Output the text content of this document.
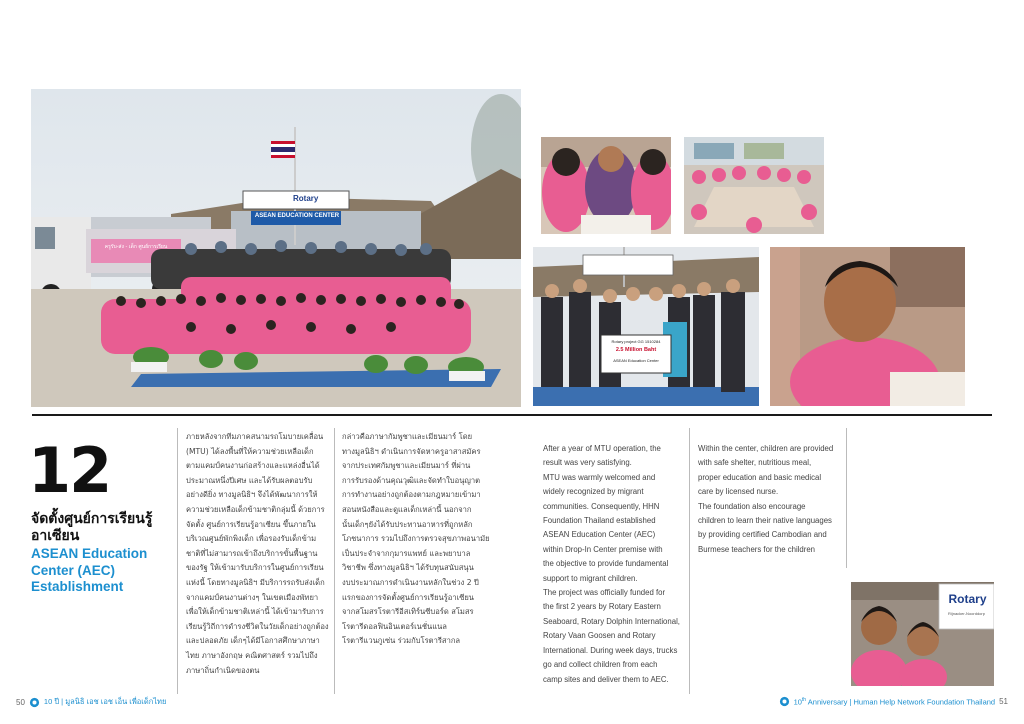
ASEAN EDUCATION CENTER
Rotary
ครูรับ-ส่ง - เด็ก ศูนย์การเรียน
Rotary project GG 1510284
2.5 Million Baht
ASEAN Education Center
Rotary
Rijnacker-Noorddorp
12
จัดตั้งศูนย์การเรียนรู้
อาเซียน
ASEAN Education
Center (AEC)
Establishment

ภายหลังจากทีมภาคสนามรถโมบายเคลื่อน
(MTU) ได้ลงพื้นที่ให้ความช่วยเหลือเด็ก
ตามแคมป์คนงานก่อสร้างและแหล่งอื่นได้
ประมาณหนึ่งปีเศษ และได้รับผลตอบรับ
อย่างดียิ่ง ทางมูลนิธิฯ จึงได้พัฒนาการให้
ความช่วยเหลือเด็กข้ามชาติกลุ่มนี้ ด้วยการ
จัดตั้ง ศูนย์การเรียนรู้อาเซียน ขึ้นภายใน
บริเวณศูนย์พักพิงเด็ก เพื่อรองรับเด็กข้าม
ชาติที่ไม่สามารถเข้าถึงบริการขั้นพื้นฐาน
ของรัฐ ให้เข้ามารับบริการในศูนย์การเรียน
แห่งนี้ โดยทางมูลนิธิฯ มีบริการรถรับส่งเด็ก
จากแคมป์คนงานต่างๆ ในเขตเมืองพัทยา
เพื่อให้เด็กข้ามชาติเหล่านี้ ได้เข้ามารับการ
เรียนรู้วิถีการดำรงชีวิตในวัยเด็กอย่างถูกต้อง
และปลอดภัย เด็กๆได้มีโอกาสศึกษาภาษา
ไทย ภาษาอังกฤษ คณิตศาสตร์ รวมไปถึง
ภาษาถิ่นกำเนิดของตน

กล่าวคือภาษากัมพูชาและเมียนมาร์ โดย
ทางมูลนิธิฯ ดำเนินการจัดหาครูอาสาสมัคร
จากประเทศกัมพูชาและเมียนมาร์ ที่ผ่าน
การรับรองด้านคุณวุฒิและจัดทำใบอนุญาต
การทำงานอย่างถูกต้องตามกฎหมายเข้ามา
สอนหนังสือและดูแลเด็กเหล่านี้ นอกจาก
นั้นเด็กๆยังได้รับประทานอาหารที่ถูกหลัก
โภชนาการ รวมไปถึงการตรวจสุขภาพอนามัย
เป็นประจำจากกุมารแพทย์ และพยาบาล
วิชาชีพ ซึ่งทางมูลนิธิฯ ได้รับทุนสนับสนุน
งบประมาณการดำเนินงานหลักในช่วง 2 ปี
แรกของการจัดตั้งศูนย์การเรียนรู้อาเซียน
จากสโมสรโรตารีอีสเทิร์นซีบอร์ด สโมสร
โรตารีดอลฟินอินเตอร์เนชั่นแนล
โรตารีแวนกูเซ่น ร่วมกับโรตารีสากล

After a year of MTU operation, the
result was very satisfying.
MTU was warmly welcomed and
widely recognized by migrant
communities. Consequently, HHN
Foundation Thailand established
ASEAN Education Center (AEC)
within Drop-In Center premise with
the objective to provide fundamental
support to migrant children.
The project was officially funded for
the first 2 years by Rotary Eastern
Seaboard, Rotary Dolphin International,
Rotary Vaan Goosen and Rotary
International. During week days, trucks
go and collect children from each
camp sites and deliver them to AEC.

Within the center, children are provided
with safe shelter, nutritious meal,
proper education and basic medical
care by licensed nurse.

The foundation also encourage
children to learn their native languages
by providing certified Cambodian and
Burmese teachers for the children

50	10 ปี | มูลนิธิ เอช เอช เอ็น เพื่อเด็กไทย	10th Anniversary | Human Help Network Foundation Thailand 51
